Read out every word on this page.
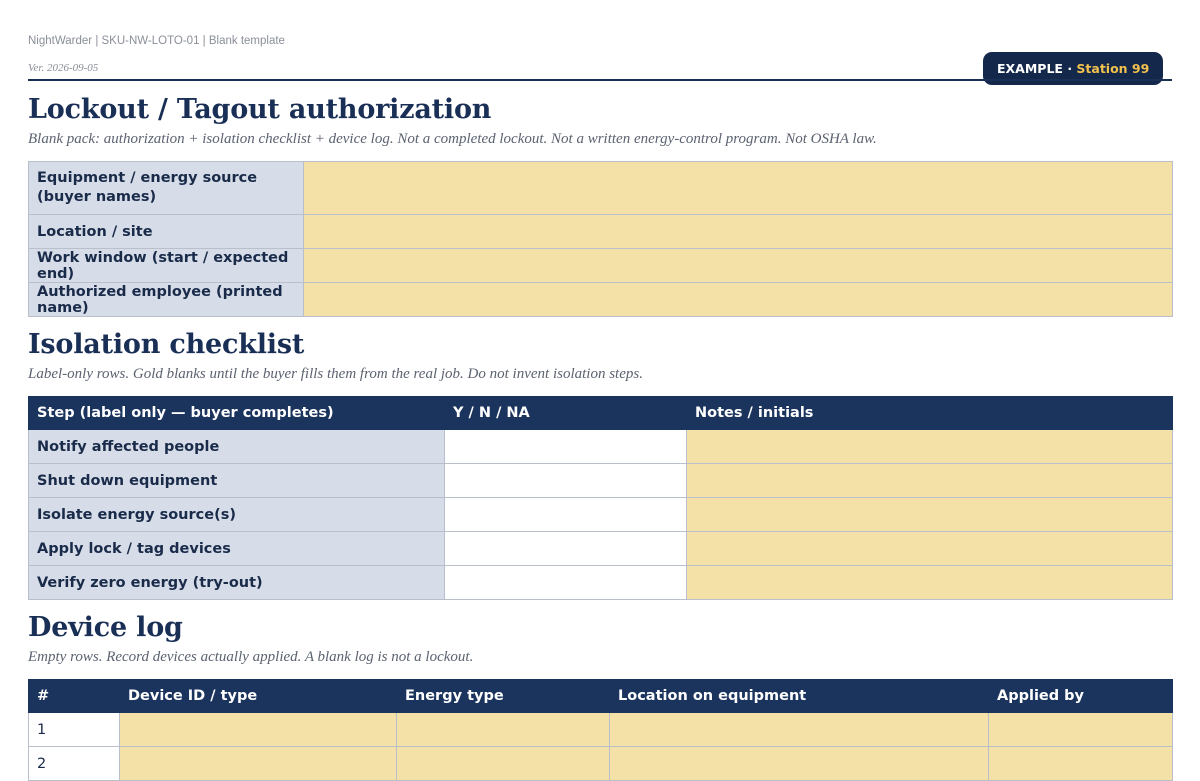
NightWarder | SKU-NW-LOTO-01 | Blank template
Ver. 2026-09-05	EXAMPLE · Station 99
Lockout / Tagout authorization
Blank pack: authorization + isolation checklist + device log. Not a completed lockout. Not a written energy-control program. Not OSHA law.
Equipment / energy source (buyer names)	
Location / site	
Work window (start / expected end)	
Authorized employee (printed name)	
Isolation checklist
Label-only rows. Gold blanks until the buyer fills them from the real job. Do not invent isolation steps.
Step (label only — buyer completes)	Y / N / NA	Notes / initials
Notify affected people		
Shut down equipment		
Isolate energy source(s)		
Apply lock / tag devices		
Verify zero energy (try-out)		
Device log
Empty rows. Record devices actually applied. A blank log is not a lockout.
#	Device ID / type	Energy type	Location on equipment	Applied by
1				
2				
